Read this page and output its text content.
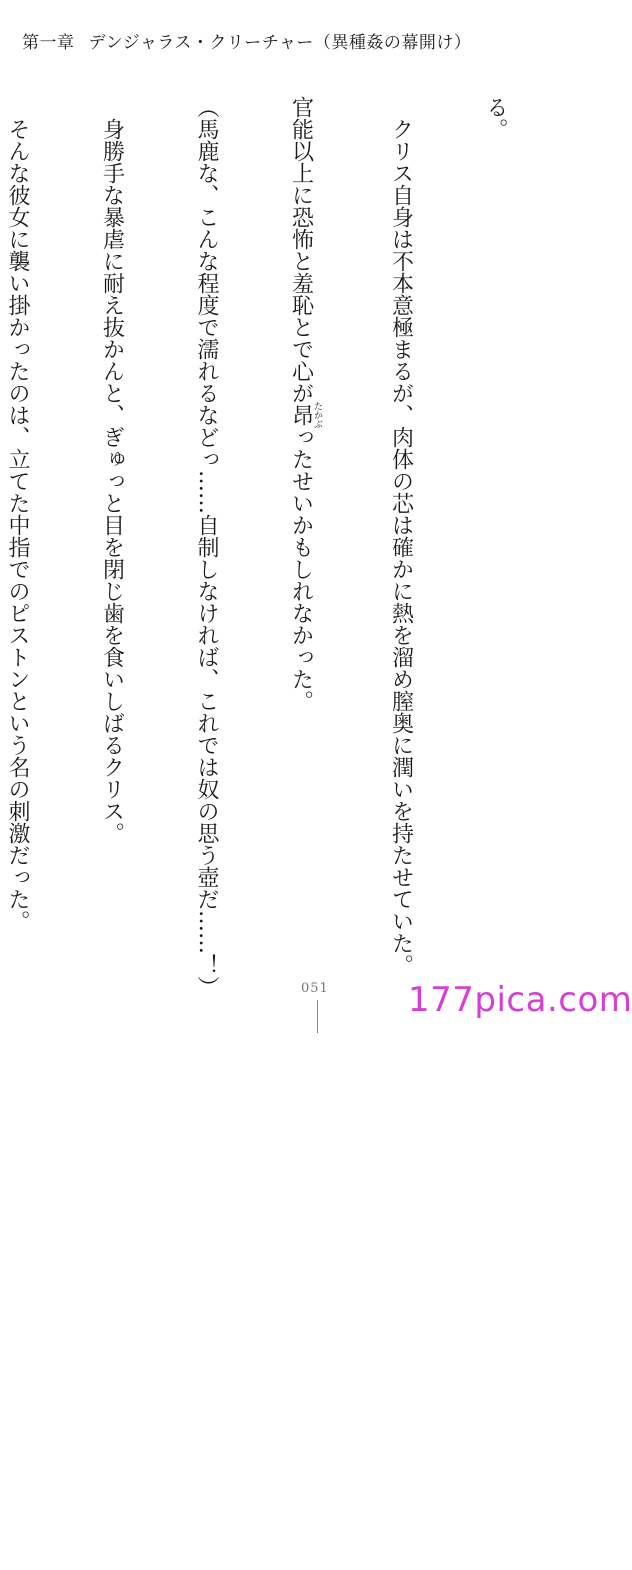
第一章 デンジャラス・クリーチャー（異種姦の幕開け）

る。

　クリス自身は不本意極まるが、肉体の芯は確かに熱を溜め膣奥に潤いを持たせていた。

官能以上に恐怖と羞恥とで心が昂たかぶったせいかもしれなかった。

（馬鹿な、こんな程度で濡れるなどっ……自制しなければ、これでは奴の思う壺だ……！）

　身勝手な暴虐に耐え抜かんと、ぎゅっと目を閉じ歯を食いしばるクリス。

　そんな彼女に襲い掛かったのは、立てた中指でのピストンという名の刺激だった。

051 177pica.com
